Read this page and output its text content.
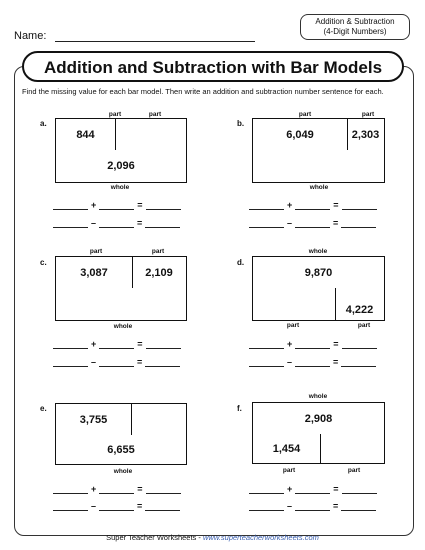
Name:
Addition & Subtraction
(4-Digit Numbers)
Addition and Subtraction with Bar Models
Find the missing value for each bar model. Then write an addition and subtraction number sentence for each.
a.
part	part
844
2,096
whole
+	=
–	=
b.
part	part
6,049	2,303
whole
+	=
–	=
c.
part	part
3,087	2,109
whole
+	=
–	=
d.
whole
9,870
4,222
part	part
+	=
–	=
e.
3,755
6,655
whole
+	=
–	=
f.
whole
2,908
1,454
part	part
+	=
–	=
Super Teacher Worksheets - www.superteacherworksheets.com
